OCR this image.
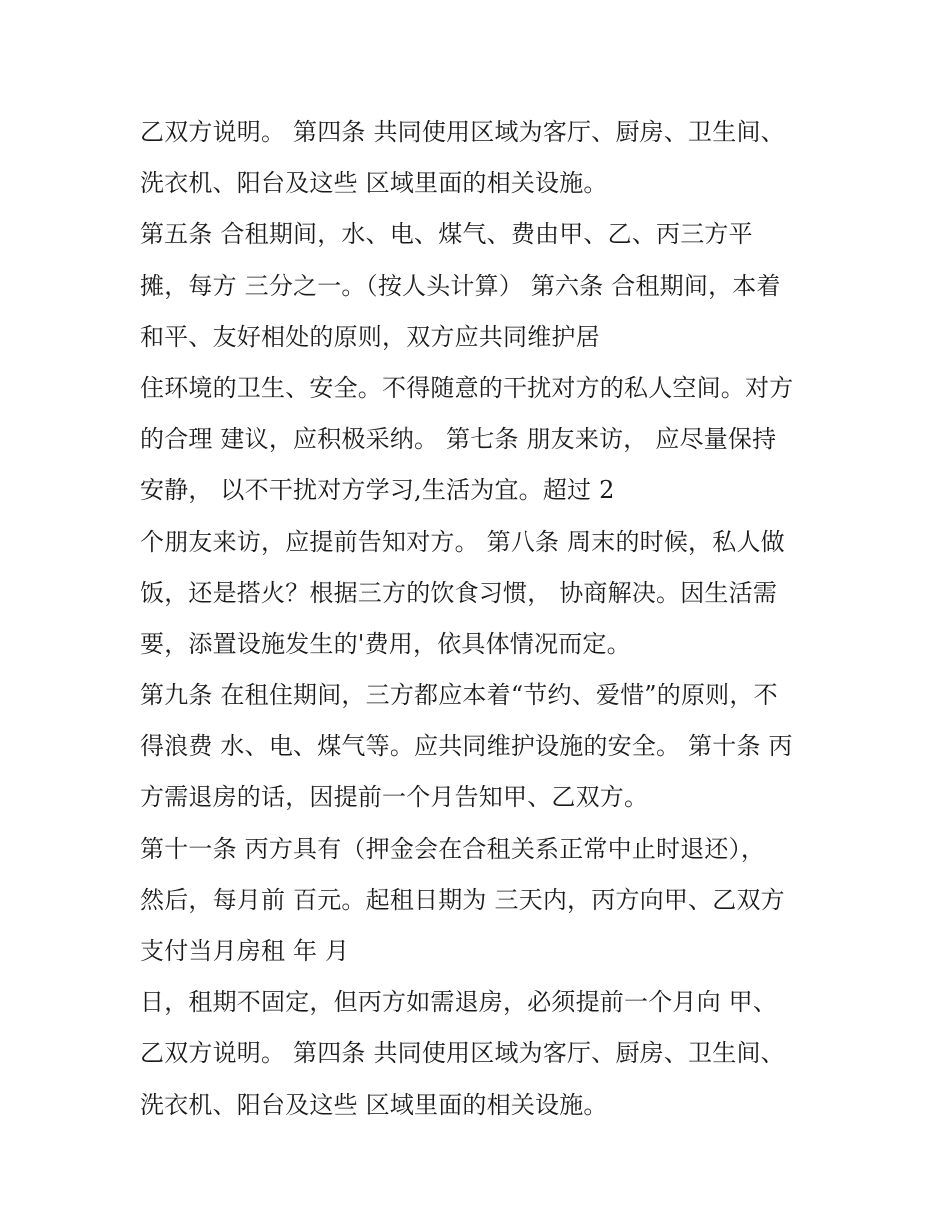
乙双方说明。 第四条 共同使用区域为客厅、厨房、卫生间、
洗衣机、阳台及这些 区域里面的相关设施。
第五条 合租期间，水、电、煤气、费由甲、乙、丙三方平
摊，每方 三分之一。（按人头计算） 第六条 合租期间，本着
和平、友好相处的原则，双方应共同维护居
住环境的卫生、安全。不得随意的干扰对方的私人空间。对方
的合理 建议，应积极采纳。 第七条 朋友来访， 应尽量保持
安静， 以不干扰对方学习,生活为宜。超过 2
个朋友来访，应提前告知对方。 第八条 周末的时候，私人做
饭，还是搭火？根据三方的饮食习惯， 协商解决。因生活需
要，添置设施发生的'费用，依具体情况而定。
第九条 在租住期间，三方都应本着“节约、爱惜”的原则，不
得浪费 水、电、煤气等。应共同维护设施的安全。 第十条 丙
方需退房的话，因提前一个月告知甲、乙双方。
第十一条 丙方具有（押金会在合租关系正常中止时退还），
然后，每月前 百元。起租日期为 三天内，丙方向甲、乙双方
支付当月房租 年 月
日，租期不固定，但丙方如需退房，必须提前一个月向 甲、
乙双方说明。 第四条 共同使用区域为客厅、厨房、卫生间、
洗衣机、阳台及这些 区域里面的相关设施。
